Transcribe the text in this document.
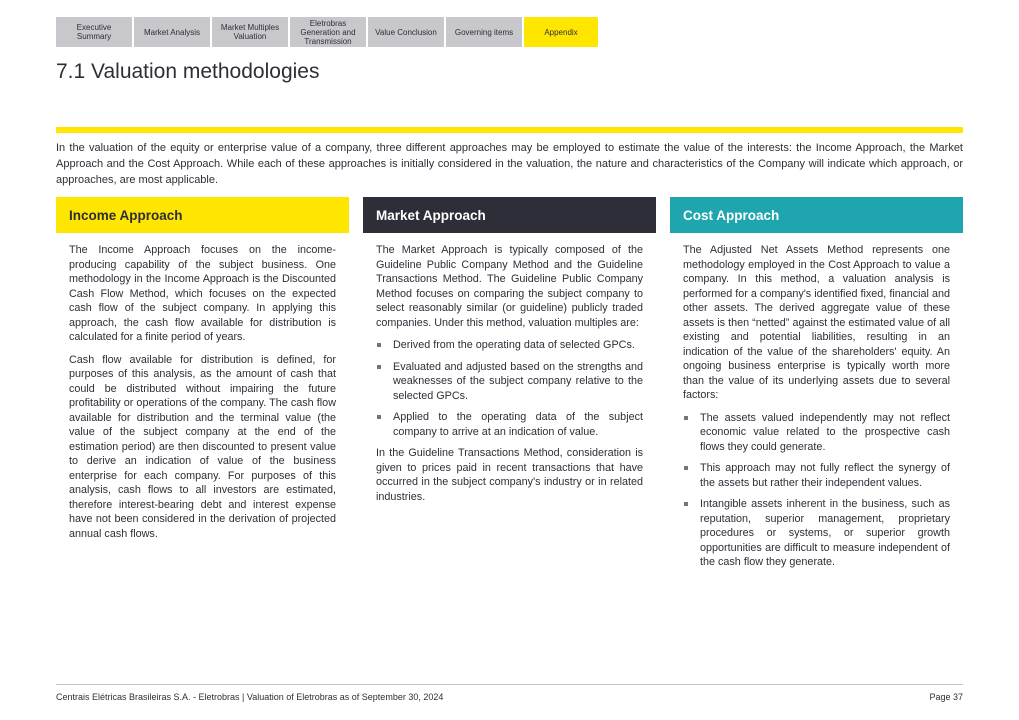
Executive Summary	Market Analysis	Market Multiples Valuation
Eletrobras Generation and Transmission
Value Conclusion	Governing items	Appendix
7.1 Valuation methodologies

In the valuation of the equity or enterprise value of a company, three different approaches may be employed to estimate the value of the interests: the Income Approach, the Market Approach and the Cost Approach. While each of these approaches is initially considered in the valuation, the nature and characteristics of the Company will indicate which approach, or approaches, are most applicable.

Income Approach

The Income Approach focuses on the income-producing capability of the subject business. One methodology in the Income Approach is the Discounted Cash Flow Method, which focuses on the expected cash flow of the subject company. In applying this approach, the cash flow available for distribution is calculated for a finite period of years.

Cash flow available for distribution is defined, for purposes of this analysis, as the amount of cash that could be distributed without impairing the future profitability or operations of the company. The cash flow available for distribution and the terminal value (the value of the subject company at the end of the estimation period) are then discounted to present value to derive an indication of value of the business enterprise for each company. For purposes of this analysis, cash flows to all investors are estimated, therefore interest-bearing debt and interest expense have not been considered in the derivation of projected annual cash flows.

Market Approach

The Market Approach is typically composed of the Guideline Public Company Method and the Guideline Transactions Method. The Guideline Public Company Method focuses on comparing the subject company to select reasonably similar (or guideline) publicly traded companies. Under this method, valuation multiples are:

Derived from the operating data of selected GPCs.
Evaluated and adjusted based on the strengths and weaknesses of the subject company relative to the selected GPCs.
Applied to the operating data of the subject company to arrive at an indication of value.

In the Guideline Transactions Method, consideration is given to prices paid in recent transactions that have occurred in the subject company's industry or in related industries.

Cost Approach

The Adjusted Net Assets Method represents one methodology employed in the Cost Approach to value a company. In this method, a valuation analysis is performed for a company's identified fixed, financial and other assets. The derived aggregate value of these assets is then “netted” against the estimated value of all existing and potential liabilities, resulting in an indication of the value of the shareholders' equity. An ongoing business enterprise is typically worth more than the value of its underlying assets due to several factors:

The assets valued independently may not reflect economic value related to the prospective cash flows they could generate.
This approach may not fully reflect the synergy of the assets but rather their independent values.
Intangible assets inherent in the business, such as reputation, superior management, proprietary procedures or systems, or superior growth opportunities are difficult to measure independent of the cash flow they generate.
Centrais Elétricas Brasileiras S.A. - Eletrobras | Valuation of Eletrobras as of September 30, 2024	Page 37
